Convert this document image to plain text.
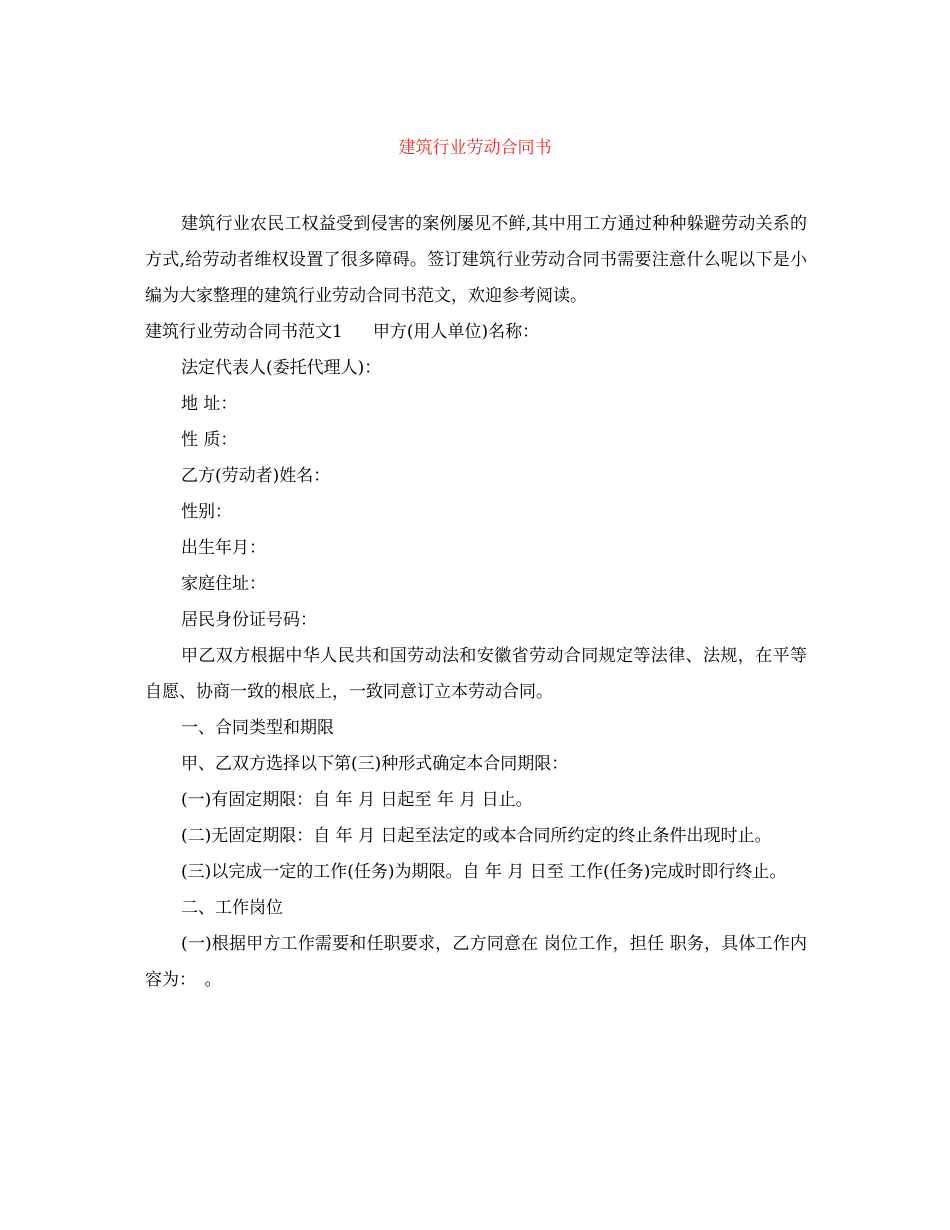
建筑行业劳动合同书

建筑行业农民工权益受到侵害的案例屡见不鲜,其中用工方通过种种躲避劳动关系的方式,给劳动者维权设置了很多障碍。签订建筑行业劳动合同书需要注意什么呢以下是小编为大家整理的建筑行业劳动合同书范文，欢迎参考阅读。

建筑行业劳动合同书范文1 甲方(用人单位)名称：

法定代表人(委托代理人)：

地 址：

性 质：

乙方(劳动者)姓名：

性别：

出生年月：

家庭住址：

居民身份证号码：

甲乙双方根据中华人民共和国劳动法和安徽省劳动合同规定等法律、法规，在平等自愿、协商一致的根底上，一致同意订立本劳动合同。

一、合同类型和期限

甲、乙双方选择以下第(三)种形式确定本合同期限：

(一)有固定期限：自 年 月 日起至 年 月 日止。

(二)无固定期限：自 年 月 日起至法定的或本合同所约定的终止条件出现时止。

(三)以完成一定的工作(任务)为期限。自 年 月 日至 工作(任务)完成时即行终止。

二、工作岗位

(一)根据甲方工作需要和任职要求，乙方同意在 岗位工作，担任 职务，具体工作内容为：　。
